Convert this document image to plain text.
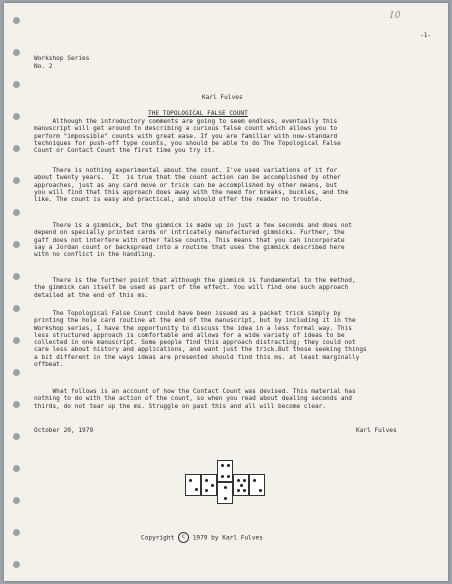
10
-1-
Workshop Series
No. 2
Karl Fulves
THE TOPOLOGICAL FALSE COUNT
Although the introductory comments are going to seem endless, eventually this
manuscript will get around to describing a curious false count which allows you to
perform "impossible" counts with great ease. If you are familiar with now-standard
techniques for push-off type counts, you should be able to do The Topological False
Count or Contact Count the first time you try it.
There is nothing experimental about the count. I've used variations of it for
about twenty years.  It  is true that the count action can be accomplished by other
approaches, just as any card move or trick can be accomplished by other means, but
you will find that this approach does away with the need for breaks, buckles, and the
like. The count is easy and practical, and should offer the reader no trouble.
There is a gimmick, but the gimmick is made up in just a few seconds and does not
depend on specially printed cards or intricately manufactured gimmicks. Further, the
gaff does not interfere with other false counts. This means that you can incorporate
say a Jordan count or backspread into a routine that uses the gimmick described here
with no conflict in the handling.
There is the further point that although the gimmick is fundamental to the method,
the gimmick can itself be used as part of the effect. You will find one such approach
detailed at the end of this ms.
The Topological False Count could have been issued as a packet trick simply by
printing the hole card routine at the end of the manuscript, but by including it in the
Workshop series, I have the opportunity to discuss the idea in a less formal way. This
less structured approach is comfortable and allows for a wide variety of ideas to be
collected in one manuscript. Some people find this approach distracting; they could not
care less about history and applications, and want just the trick.But those seeking things
a bit different in the ways ideas are presented should find this ms. at least marginally
offbeat.
What follows is an account of how the Contact Count was devised. This material has
nothing to do with the action of the count, so when you read about dealing seconds and
thirds, do not tear up the ms. Struggle on past this and all will become clear.
October 20, 1979	Karl Fulves
Copyright c 1979 by Karl Fulves
